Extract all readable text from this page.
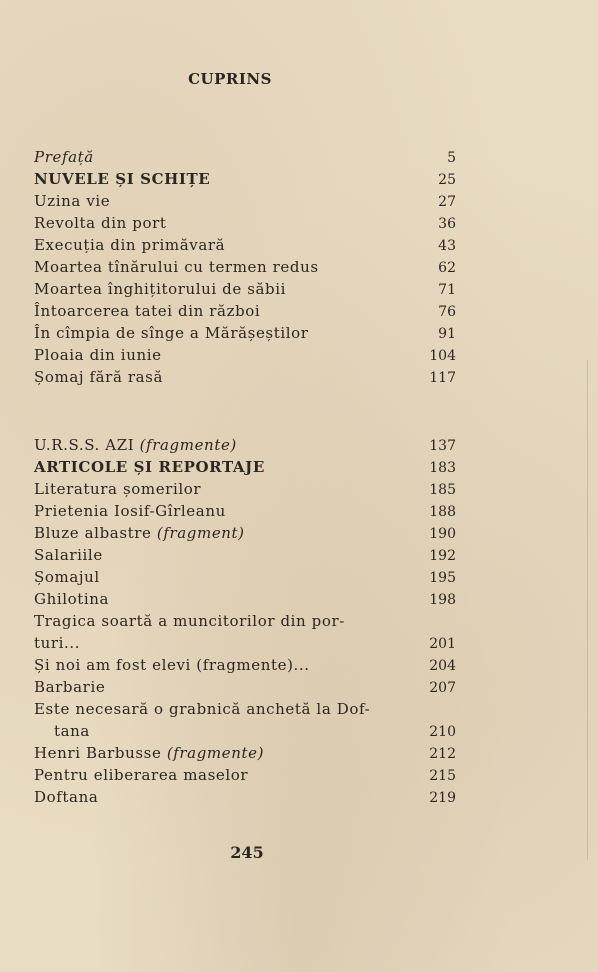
CUPRINS
Prefață	5
NUVELE ȘI SCHIȚE	25
Uzina vie	27
Revolta din port	36
Execuția din primăvară	43
Moartea tînărului cu termen redus	62
Moartea înghițitorului de săbii	71
Întoarcerea tatei din război	76
În cîmpia de sînge a Mărășeștilor	91
Ploaia din iunie	104
Șomaj fără rasă	117
U.R.S.S. AZI (fragmente)	137
ARTICOLE ȘI REPORTAJE	183
Literatura șomerilor	185
Prietenia Iosif-Gîrleanu	188
Bluze albastre (fragment)	190
Salariile	192
Șomajul	195
Ghilotina	198
Tragica soartă a muncitorilor din por-
turi...	201
Și noi am fost elevi (fragmente)...	204
Barbarie	207
Este necesară o grabnică anchetă la Dof-
tana	210
Henri Barbusse (fragmente)	212
Pentru eliberarea maselor	215
Doftana	219
245
